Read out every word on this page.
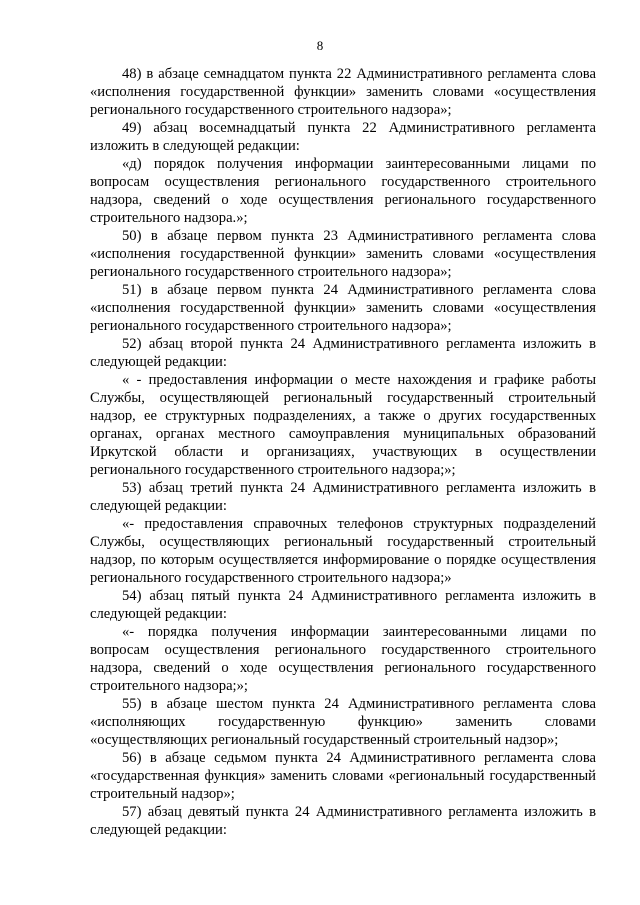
8

48) в абзаце семнадцатом пункта 22 Административного регламента слова «исполнения государственной функции» заменить словами «осуществления регионального государственного строительного надзора»;

49) абзац восемнадцатый пункта 22 Административного регламента изложить в следующей редакции:

«д) порядок получения информации заинтересованными лицами по вопросам осуществления регионального государственного строительного надзора, сведений о ходе осуществления регионального государственного строительного надзора.»;

50) в абзаце первом пункта 23 Административного регламента слова «исполнения государственной функции» заменить словами «осуществления регионального государственного строительного надзора»;

51) в абзаце первом пункта 24 Административного регламента слова «исполнения государственной функции» заменить словами «осуществления регионального государственного строительного надзора»;

52) абзац второй пункта 24 Административного регламента изложить в следующей редакции:

« - предоставления информации о месте нахождения и графике работы Службы, осуществляющей региональный государственный строительный надзор, ее структурных подразделениях, а также о других государственных органах, органах местного самоуправления муниципальных образований Иркутской области и организациях, участвующих в осуществлении регионального государственного строительного надзора;»;

53) абзац третий пункта 24 Административного регламента изложить в следующей редакции:

«- предоставления справочных телефонов структурных подразделений Службы, осуществляющих региональный государственный строительный надзор, по которым осуществляется информирование о порядке осуществления регионального государственного строительного надзора;»

54) абзац пятый пункта 24 Административного регламента изложить в следующей редакции:

«- порядка получения информации заинтересованными лицами по вопросам осуществления регионального государственного строительного надзора, сведений о ходе осуществления регионального государственного строительного надзора;»;

55) в абзаце шестом пункта 24 Административного регламента слова «исполняющих государственную функцию» заменить словами «осуществляющих региональный государственный строительный надзор»;

56) в абзаце седьмом пункта 24 Административного регламента слова «государственная функция» заменить словами «региональный государственный строительный надзор»;

57) абзац девятый пункта 24 Административного регламента изложить в следующей редакции:
